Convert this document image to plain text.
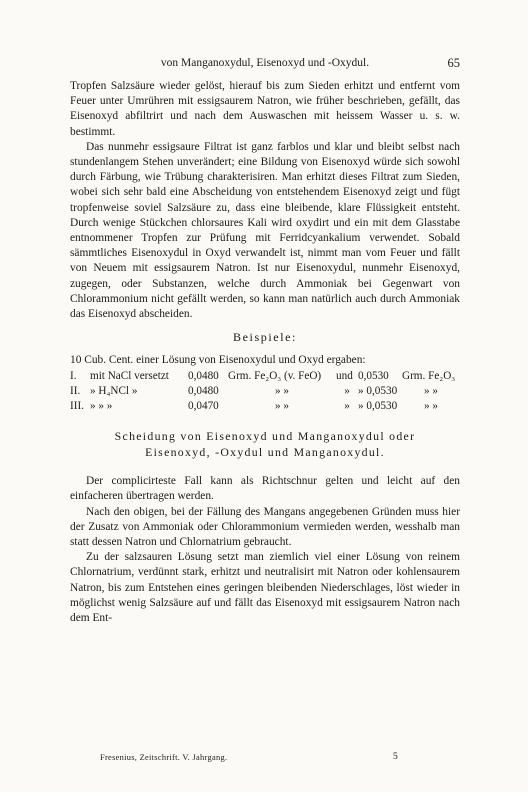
von Manganoxydul, Eisenoxyd und -Oxydul.	65

Tropfen Salzsäure wieder gelöst, hierauf bis zum Sieden erhitzt und entfernt vom Feuer unter Umrühren mit essigsaurem Natron, wie früher beschrieben, gefällt, das Eisenoxyd abfiltrirt und nach dem Auswaschen mit heissem Wasser u. s. w. bestimmt.

Das nunmehr essigsaure Filtrat ist ganz farblos und klar und bleibt selbst nach stundenlangem Stehen unverändert; eine Bildung von Eisenoxyd würde sich sowohl durch Färbung, wie Trübung charakterisiren. Man erhitzt dieses Filtrat zum Sieden, wobei sich sehr bald eine Abscheidung von entstehendem Eisenoxyd zeigt und fügt tropfenweise soviel Salzsäure zu, dass eine bleibende, klare Flüssigkeit entsteht. Durch wenige Stückchen chlorsaures Kali wird oxydirt und ein mit dem Glasstabe entnommener Tropfen zur Prüfung mit Ferridcyankalium verwendet. Sobald sämmtliches Eisenoxydul in Oxyd verwandelt ist, nimmt man vom Feuer und fällt von Neuem mit essigsaurem Natron. Ist nur Eisenoxydul, nunmehr Eisenoxyd, zugegen, oder Substanzen, welche durch Ammoniak bei Gegenwart von Chlorammonium nicht gefällt werden, so kann man natürlich auch durch Ammoniak das Eisenoxyd abscheiden.

Beispiele:

10 Cub. Cent. einer Lösung von Eisenoxydul und Oxyd ergaben:

I.	mit NaCl versetzt	0,0480	Grm. Fe₂O₃ (v. FeO)	und	0,0530	Grm. Fe₂O₃
II.	» H₄NCl »	0,0480	» »	»	» 0,0530	» »
III.	» » »	0,0470	» »	»	» 0,0530	» »
Scheidung von Eisenoxyd und Manganoxydul oder
Eisenoxyd, -Oxydul und Manganoxydul.

Der complicirteste Fall kann als Richtschnur gelten und leicht auf den einfacheren übertragen werden.

Nach den obigen, bei der Fällung des Mangans angegebenen Gründen muss hier der Zusatz von Ammoniak oder Chlorammonium vermieden werden, wesshalb man statt dessen Natron und Chlornatrium gebraucht.

Zu der salzsauren Lösung setzt man ziemlich viel einer Lösung von reinem Chlornatrium, verdünnt stark, erhitzt und neutralisirt mit Natron oder kohlensaurem Natron, bis zum Entstehen eines geringen bleibenden Niederschlages, löst wieder in möglichst wenig Salzsäure auf und fällt das Eisenoxyd mit essigsaurem Natron nach dem Ent-

Fresenius, Zeitschrift. V. Jahrgang.	5
